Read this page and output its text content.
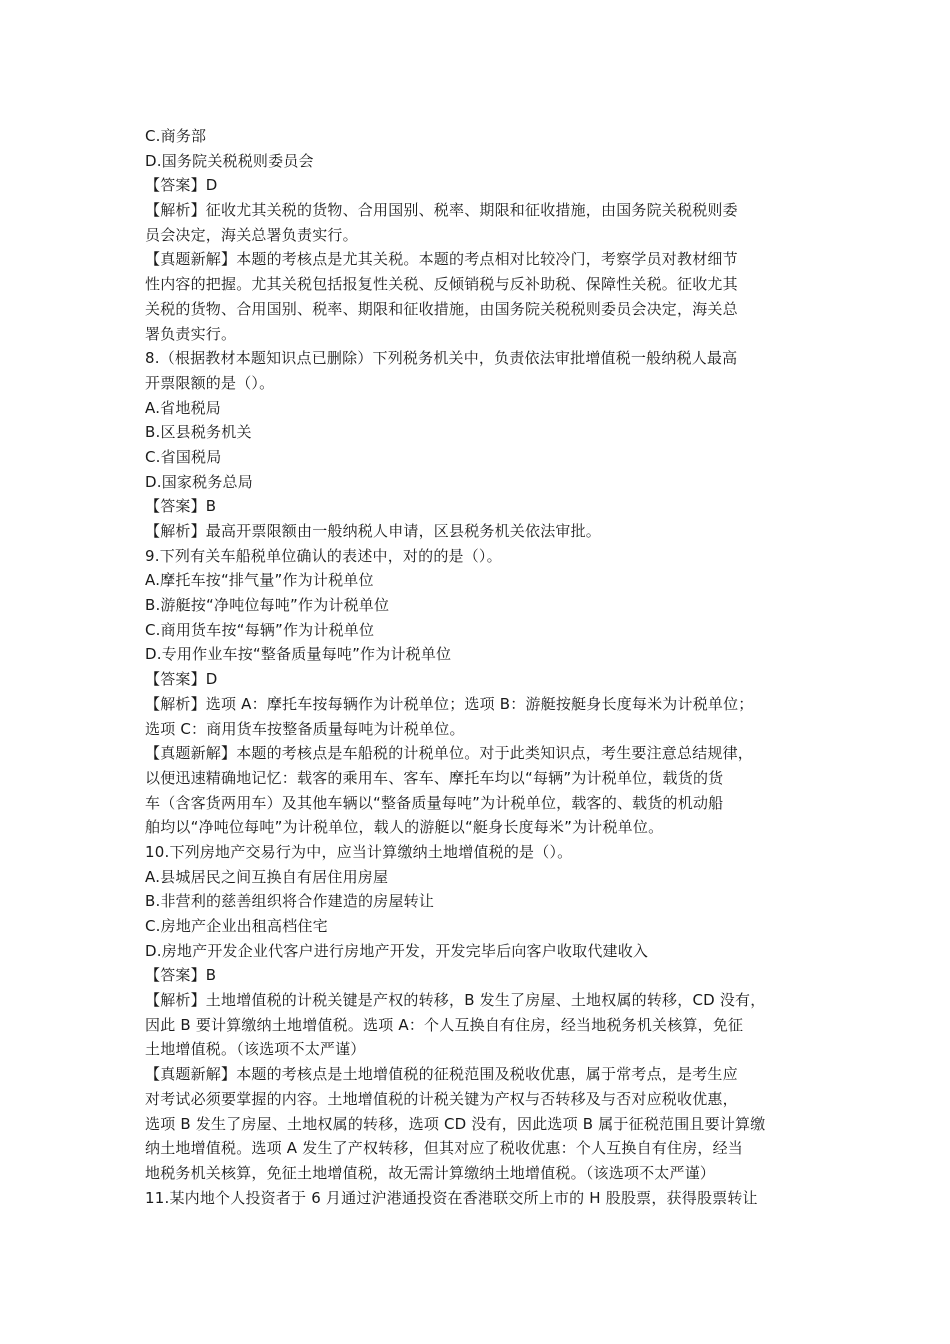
C.商务部
D.国务院关税税则委员会
【答案】D
【解析】征收尤其关税的货物、合用国别、税率、期限和征收措施，由国务院关税税则委
员会决定，海关总署负责实行。
【真题新解】本题的考核点是尤其关税。本题的考点相对比较冷门，考察学员对教材细节
性内容的把握。尤其关税包括报复性关税、反倾销税与反补助税、保障性关税。征收尤其
关税的货物、合用国别、税率、期限和征收措施，由国务院关税税则委员会决定，海关总
署负责实行。
8.（根据教材本题知识点已删除）下列税务机关中，负责依法审批增值税一般纳税人最高
开票限额的是（）。
A.省地税局
B.区县税务机关
C.省国税局
D.国家税务总局
【答案】B
【解析】最高开票限额由一般纳税人申请，区县税务机关依法审批。
9.下列有关车船税单位确认的表述中，对的的是（）。
A.摩托车按“排气量”作为计税单位
B.游艇按“净吨位每吨”作为计税单位
C.商用货车按“每辆”作为计税单位
D.专用作业车按“整备质量每吨”作为计税单位
【答案】D
【解析】选项 A：摩托车按每辆作为计税单位；选项 B：游艇按艇身长度每米为计税单位；
选项 C：商用货车按整备质量每吨为计税单位。
【真题新解】本题的考核点是车船税的计税单位。对于此类知识点，考生要注意总结规律，
以便迅速精确地记忆：载客的乘用车、客车、摩托车均以“每辆”为计税单位，载货的货
车（含客货两用车）及其他车辆以“整备质量每吨”为计税单位，载客的、载货的机动船
舶均以“净吨位每吨”为计税单位，载人的游艇以“艇身长度每米”为计税单位。
10.下列房地产交易行为中，应当计算缴纳土地增值税的是（）。
A.县城居民之间互换自有居住用房屋
B.非营利的慈善组织将合作建造的房屋转让
C.房地产企业出租高档住宅
D.房地产开发企业代客户进行房地产开发，开发完毕后向客户收取代建收入
【答案】B
【解析】土地增值税的计税关键是产权的转移，B 发生了房屋、土地权属的转移，CD 没有，
因此 B 要计算缴纳土地增值税。选项 A：个人互换自有住房，经当地税务机关核算，免征
土地增值税。（该选项不太严谨）
【真题新解】本题的考核点是土地增值税的征税范围及税收优惠，属于常考点，是考生应
对考试必须要掌握的内容。土地增值税的计税关键为产权与否转移及与否对应税收优惠，
选项 B 发生了房屋、土地权属的转移，选项 CD 没有，因此选项 B 属于征税范围且要计算缴
纳土地增值税。选项 A 发生了产权转移，但其对应了税收优惠：个人互换自有住房，经当
地税务机关核算，免征土地增值税，故无需计算缴纳土地增值税。（该选项不太严谨）
11.某内地个人投资者于 6 月通过沪港通投资在香港联交所上市的 H 股股票，获得股票转让
